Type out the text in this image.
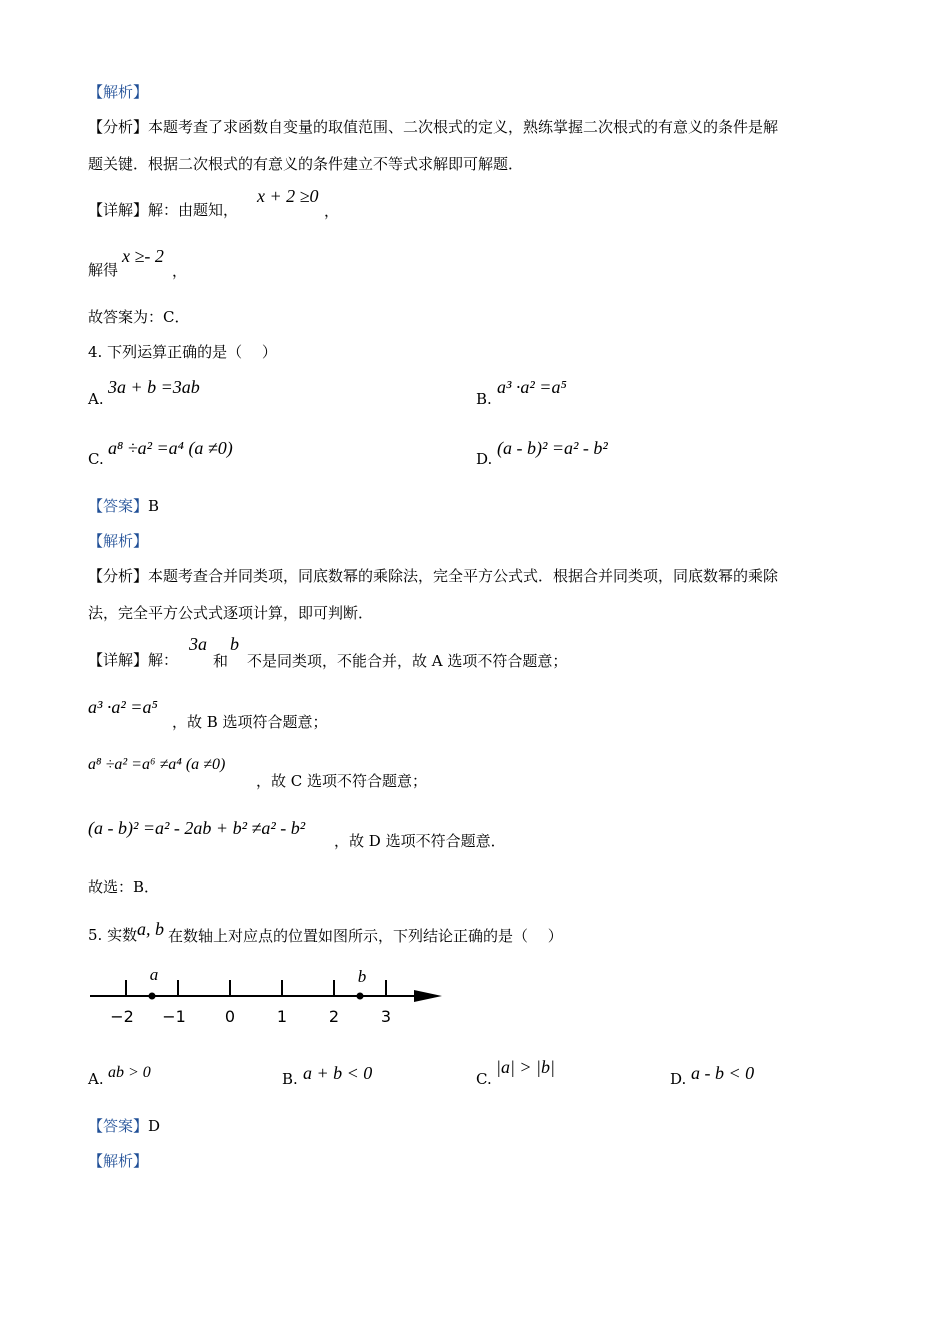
【解析】
【分析】本题考查了求函数自变量的取值范围、二次根式的定义，熟练掌握二次根式的有意义的条件是解
题关键．根据二次根式的有意义的条件建立不等式求解即可解题．
【详解】解：由题知，
x + 2 ≥0
，
解得
x ≥- 2
，
故答案为：C．
4. 下列运算正确的是（　 ）
A.
3a + b =3ab
B.
a³ ·a² =a⁵
C.
a⁸ ÷a² =a⁴ (a ≠0)
D.
(a - b)² =a² - b²
【答案】B
【解析】
【分析】本题考查合并同类项，同底数幂的乘除法，完全平方公式式．根据合并同类项，同底数幂的乘除
法，完全平方公式式逐项计算，即可判断．
【详解】解：
3a
和
b
不是同类项，不能合并，故 A 选项不符合题意；
a³ ·a² =a⁵
，故 B 选项符合题意；
a⁸ ÷a² =a⁶ ≠a⁴ (a ≠0)
，故 C 选项不符合题意；
(a - b)² =a² - 2ab + b² ≠a² - b²
，故 D 选项不符合题意．
故选：B．
5. 实数 a, b 在数轴上对应点的位置如图所示，下列结论正确的是（　 ）
−2 −1 0	1	2	3
a	b
A. ab > 0	B. a + b < 0	C.
|a| > |b|
D. a - b < 0
【答案】D
【解析】
